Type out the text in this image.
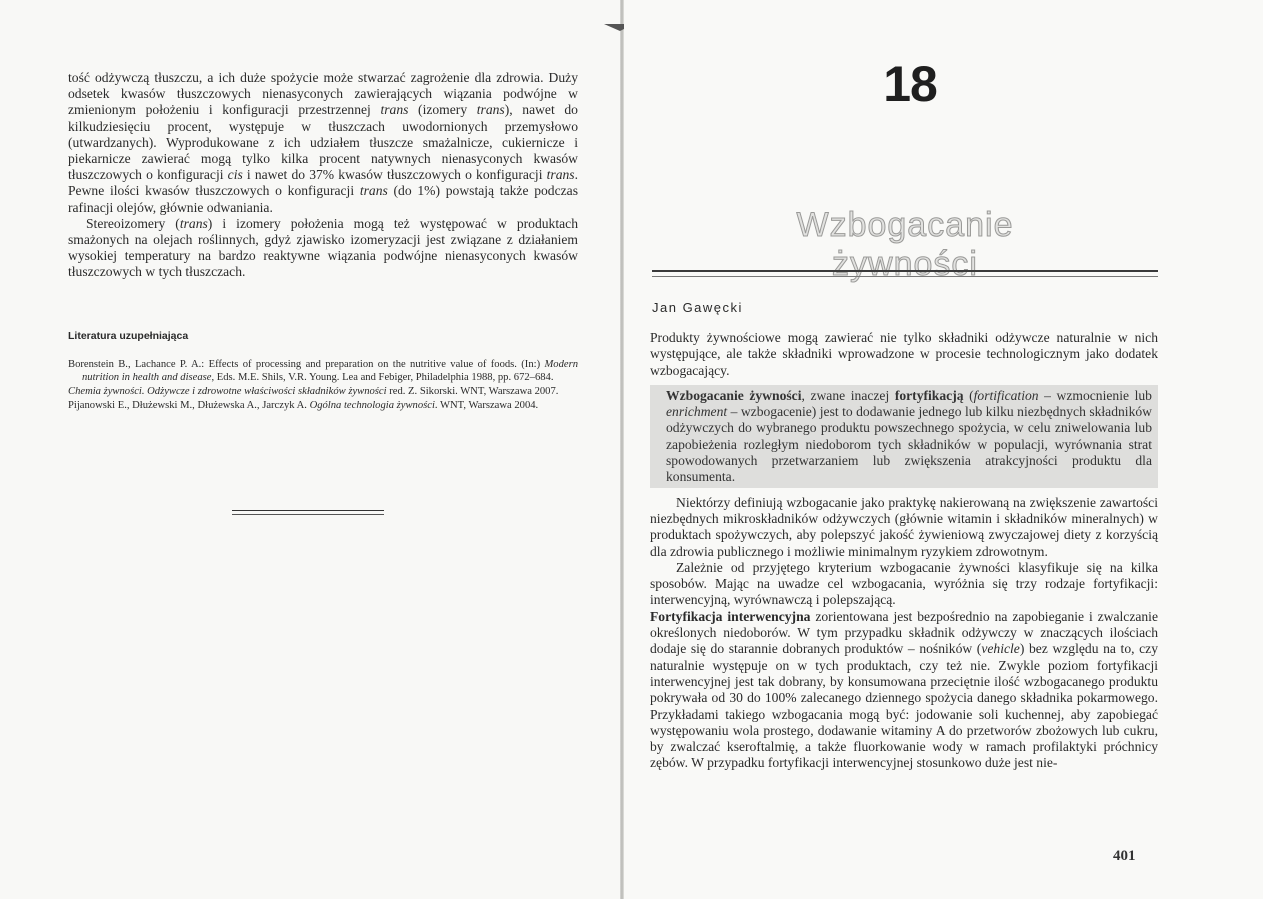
tość odżywczą tłuszczu, a ich duże spożycie może stwarzać zagrożenie dla zdrowia. Duży odsetek kwasów tłuszczowych nienasyconych zawierających wiązania podwójne w zmienionym położeniu i konfiguracji przestrzennej trans (izomery trans), nawet do kilkudziesięciu procent, występuje w tłuszczach uwodornionych przemysłowo (utwardzanych). Wyprodukowane z ich udziałem tłuszcze smażalnicze, cukiernicze i piekarnicze zawierać mogą tylko kilka procent natywnych nienasyconych kwasów tłuszczowych o konfiguracji cis i nawet do 37% kwasów tłuszczowych o konfiguracji trans. Pewne ilości kwasów tłuszczowych o konfiguracji trans (do 1%) powstają także podczas rafinacji olejów, głównie odwaniania.

Stereoizomery (trans) i izomery położenia mogą też występować w produktach smażonych na olejach roślinnych, gdyż zjawisko izomeryzacji jest związane z działaniem wysokiej temperatury na bardzo reaktywne wiązania podwójne nienasyconych kwasów tłuszczowych w tych tłuszczach.

Literatura uzupełniająca

Borenstein B., Lachance P. A.: Effects of processing and preparation on the nutritive value of foods. (In:) Modern nutrition in health and disease, Eds. M.E. Shils, V.R. Young. Lea and Febiger, Philadelphia 1988, pp. 672–684.

Chemia żywności. Odżywcze i zdrowotne właściwości składników żywności red. Z. Sikorski. WNT, Warszawa 2007.

Pijanowski E., Dłużewski M., Dłużewska A., Jarczyk A. Ogólna technologia żywności. WNT, Warszawa 2004.

18
Wzbogacanie żywności
Jan Gawęcki

Produkty żywnościowe mogą zawierać nie tylko składniki odżywcze naturalnie w nich występujące, ale także składniki wprowadzone w procesie technologicznym jako dodatek wzbogacający.

Wzbogacanie żywności, zwane inaczej fortyfikacją (fortification – wzmocnienie lub enrichment – wzbogacenie) jest to dodawanie jednego lub kilku niezbędnych składników odżywczych do wybranego produktu powszechnego spożycia, w celu zniwelowania lub zapobieżenia rozległym niedoborom tych składników w populacji, wyrównania strat spowodowanych przetwarzaniem lub zwiększenia atrakcyjności produktu dla konsumenta.

Niektórzy definiują wzbogacanie jako praktykę nakierowaną na zwiększenie zawartości niezbędnych mikroskładników odżywczych (głównie witamin i składników mineralnych) w produktach spożywczych, aby polepszyć jakość żywieniową zwyczajowej diety z korzyścią dla zdrowia publicznego i możliwie minimalnym ryzykiem zdrowotnym.

Zależnie od przyjętego kryterium wzbogacanie żywności klasyfikuje się na kilka sposobów. Mając na uwadze cel wzbogacania, wyróżnia się trzy rodzaje fortyfikacji: interwencyjną, wyrównawczą i polepszającą.

Fortyfikacja interwencyjna zorientowana jest bezpośrednio na zapobieganie i zwalczanie określonych niedoborów. W tym przypadku składnik odżywczy w znaczących ilościach dodaje się do starannie dobranych produktów – nośników (vehicle) bez względu na to, czy naturalnie występuje on w tych produktach, czy też nie. Zwykle poziom fortyfikacji interwencyjnej jest tak dobrany, by konsumowana przeciętnie ilość wzbogacanego produktu pokrywała od 30 do 100% zalecanego dziennego spożycia danego składnika pokarmowego. Przykładami takiego wzbogacania mogą być: jodowanie soli kuchennej, aby zapobiegać występowaniu wola prostego, dodawanie witaminy A do przetworów zbożowych lub cukru, by zwalczać kseroftalmię, a także fluorkowanie wody w ramach profilaktyki próchnicy zębów. W przypadku fortyfikacji interwencyjnej stosunkowo duże jest nie-

401
